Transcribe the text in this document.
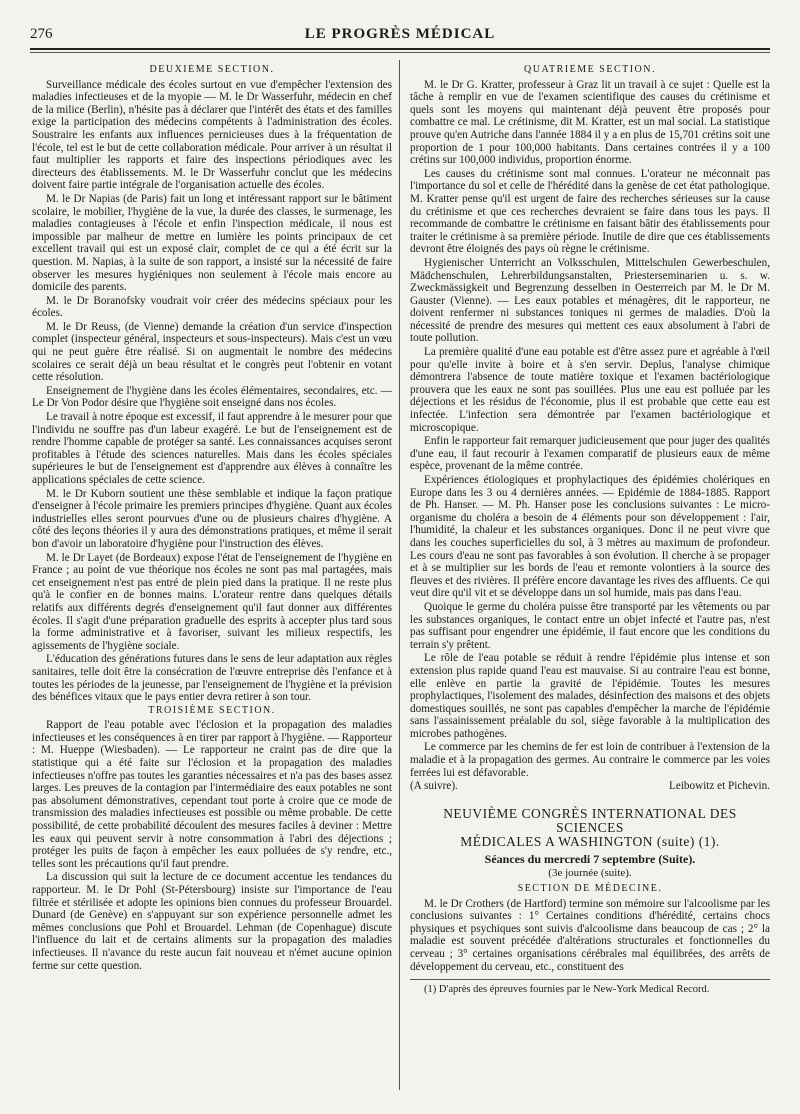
276	LE PROGRÈS MÉDICAL
DEUXIÈME SECTION.

Surveillance médicale des écoles surtout en vue d'empêcher l'extension des maladies infectieuses et de la myopie — M. le Dr Wasserfuhr, médecin en chef de la milice (Berlin), n'hésite pas à déclarer que l'intérêt des états et des familles exige la participation des médecins compétents à l'administration des écoles. Soustraire les enfants aux influences pernicieuses dues à la fréquentation de l'école, tel est le but de cette collaboration médicale. Pour arriver à un résultat il faut multiplier les rapports et faire des inspections périodiques avec les directeurs des établissements. M. le Dr Wasserfuhr conclut que les médecins doivent faire partie intégrale de l'organisation actuelle des écoles.

M. le Dr Napias (de Paris) fait un long et intéressant rapport sur le bâtiment scolaire, le mobilier, l'hygiène de la vue, la durée des classes, le surmenage, les maladies contagieuses à l'école et enfin l'inspection médicale, il nous est impossible par malheur de mettre en lumière les points principaux de cet excellent travail qui est un exposé clair, complet de ce qui a été écrit sur la question. M. Napias, à la suite de son rapport, a insisté sur la nécessité de faire observer les mesures hygiéniques non seulement à l'école mais encore au domicile des parents.

M. le Dr Boranofsky voudrait voir créer des médecins spéciaux pour les écoles.

M. le Dr Reuss, (de Vienne) demande la création d'un service d'inspection complet (inspecteur général, inspecteurs et sous-inspecteurs). Mais c'est un vœu qui ne peut guère être réalisé. Si on augmentait le nombre des médecins scolaires ce serait déjà un beau résultat et le congrès peut l'obtenir en votant cette résolution.

Enseignement de l'hygiène dans les écoles élémentaires, secondaires, etc. — Le Dr Von Podor désire que l'hygiène soit enseigné dans nos écoles.

Le travail à notre époque est excessif, il faut apprendre à le mesurer pour que l'individu ne souffre pas d'un labeur exagéré. Le but de l'enseignement est de rendre l'homme capable de protéger sa santé. Les connaissances acquises seront profitables à l'étude des sciences naturelles. Mais dans les écoles spéciales supérieures le but de l'enseignement est d'apprendre aux élèves à connaître les applications spéciales de cette science.

M. le Dr Kuborn soutient une thèse semblable et indique la façon pratique d'enseigner à l'école primaire les premiers principes d'hygiène. Quant aux écoles industrielles elles seront pourvues d'une ou de plusieurs chaires d'hygiène. A côté des leçons théories il y aura des démonstrations pratiques, et même il serait bon d'avoir un laboratoire d'hygiène pour l'instruction des élèves.

M. le Dr Layet (de Bordeaux) expose l'état de l'enseignement de l'hygiène en France ; au point de vue théorique nos écoles ne sont pas mal partagées, mais cet enseignement n'est pas entré de plein pied dans la pratique. Il ne reste plus qu'à le confier en de bonnes mains. L'orateur rentre dans quelques détails relatifs aux différents degrés d'enseignement qu'il faut donner aux différentes écoles. Il s'agit d'une préparation graduelle des esprits à accepter plus tard sous la forme administrative et à favoriser, suivant les milieux respectifs, les agissements de l'hygiène sociale.

L'éducation des générations futures dans le sens de leur adaptation aux règles sanitaires, telle doit être la consécration de l'œuvre entreprise dès l'enfance et à toutes les périodes de la jeunesse, par l'enseignement de l'hygiène et la prévision des bénéfices vitaux que le pays entier devra retirer à son tour.

TROISIÈME SECTION.

Rapport de l'eau potable avec l'éclosion et la propagation des maladies infectieuses et les conséquences à en tirer par rapport à l'hygiène. — Rapporteur : M. Hueppe (Wiesbaden). — Le rapporteur ne craint pas de dire que la statistique qui a été faite sur l'éclosion et la propagation des maladies infectieuses n'offre pas toutes les garanties nécessaires et n'a pas des bases assez larges. Les preuves de la contagion par l'intermédiaire des eaux potables ne sont pas absolument démonstratives, cependant tout porte à croire que ce mode de transmission des maladies infectieuses est possible ou même probable. De cette possibilité, de cette probabilité découlent des mesures faciles à deviner : Mettre les eaux qui peuvent servir à notre consommation à l'abri des déjections ; protéger les puits de façon à empêcher les eaux polluées de s'y rendre, etc., telles sont les précautions qu'il faut prendre.

La discussion qui suit la lecture de ce document accentue les tendances du rapporteur. M. le Dr Pohl (St-Pétersbourg) insiste sur l'importance de l'eau filtrée et stérilisée et adopte les opinions bien connues du professeur Brouardel. Dunard (de Genève) en s'appuyant sur son expérience personnelle admet les mêmes conclusions que Pohl et Brouardel. Lehman (de Copenhague) discute l'influence du lait et de certains aliments sur la propagation des maladies infectieuses. Il n'avance du reste aucun fait nouveau et n'émet aucune opinion ferme sur cette question.

QUATRIÈME SECTION.

M. le Dr G. Kratter, professeur à Graz lit un travail à ce sujet : Quelle est la tâche à remplir en vue de l'examen scientifique des causes du crétinisme et quels sont les moyens qui maintenant déjà peuvent être proposés pour combattre ce mal. Le crétinisme, dit M. Kratter, est un mal social. La statistique prouve qu'en Autriche dans l'année 1884 il y a en plus de 15,701 crétins soit une proportion de 1 pour 100,000 habitants. Dans certaines contrées il y a 100 crétins sur 100,000 individus, proportion énorme.

Les causes du crétinisme sont mal connues. L'orateur ne méconnait pas l'importance du sol et celle de l'hérédité dans la genèse de cet état pathologique. M. Kratter pense qu'il est urgent de faire des recherches sérieuses sur la cause du crétinisme et que ces recherches devraient se faire dans tous les pays. Il recommande de combattre le crétinisme en faisant bâtir des établissements pour traiter le crétinisme à sa première période. Inutile de dire que ces établissements devront être éloignés des pays où règne le crétinisme.

Hygienischer Unterricht an Volksschulen, Mittelschulen Gewerbeschulen, Mädchenschulen, Lehrerbildungsanstalten, Priesterseminarien u. s. w. Zweckmässigkeit und Begrenzung desselben in Oesterreich par M. le Dr M. Gauster (Vienne). — Les eaux potables et ménagères, dit le rapporteur, ne doivent renfermer ni substances toniques ni germes de maladies. D'où la nécessité de prendre des mesures qui mettent ces eaux absolument à l'abri de toute pollution.

La première qualité d'une eau potable est d'être assez pure et agréable à l'œil pour qu'elle invite à boire et à s'en servir. Deplus, l'analyse chimique démontrera l'absence de toute matière toxique et l'examen bactériologique prouvera que les eaux ne sont pas souillées. Plus une eau est polluée par les déjections et les résidus de l'économie, plus il est probable que cette eau est infectée. L'infection sera démontrée par l'examen bactériologique et microscopique.

Enfin le rapporteur fait remarquer judicieusement que pour juger des qualités d'une eau, il faut recourir à l'examen comparatif de plusieurs eaux de même espèce, provenant de la même contrée.

Expériences étiologiques et prophylactiques des épidémies cholériques en Europe dans les 3 ou 4 dernières années. — Epidémie de 1884-1885. Rapport de Ph. Hanser. — M. Ph. Hanser pose les conclusions suivantes : Le micro-organisme du choléra a besoin de 4 éléments pour son développement : l'air, l'humidité, la chaleur et les substances organiques. Donc il ne peut vivre que dans les couches superficielles du sol, à 3 mètres au maximum de profondeur. Les cours d'eau ne sont pas favorables à son évolution. Il cherche à se propager et à se multiplier sur les bords de l'eau et remonte volontiers à la source des fleuves et des rivières. Il préfère encore davantage les rives des affluents. Ce qui veut dire qu'il vit et se développe dans un sol humide, mais pas dans l'eau.

Quoique le germe du choléra puisse être transporté par les vêtements ou par les substances organiques, le contact entre un objet infecté et l'autre pas, n'est pas suffisant pour engendrer une épidémie, il faut encore que les conditions du terrain s'y prêtent.

Le rôle de l'eau potable se réduit à rendre l'épidémie plus intense et son extension plus rapide quand l'eau est mauvaise. Si au contraire l'eau est bonne, elle enlève en partie la gravité de l'épidémie. Toutes les mesures prophylactiques, l'isolement des malades, désinfection des maisons et des objets domestiques souillés, ne sont pas capables d'empêcher la marche de l'épidémie sans l'assainissement préalable du sol, siège favorable à la multiplication des microbes pathogènes.

Le commerce par les chemins de fer est loin de contribuer à l'extension de la maladie et à la propagation des germes. Au contraire le commerce par les voies ferrées lui est défavorable.

(A suivre).	Leibowitz et Pichevin.
NEUVIÈME CONGRÈS INTERNATIONAL DES SCIENCES
MÉDICALES A WASHINGTON (suite) (1).
Séances du mercredi 7 septembre (Suite).
(3e journée (suite).
SECTION DE MÉDECINE.

M. le Dr Crothers (de Hartford) termine son mémoire sur l'alcoolisme par les conclusions suivantes : 1° Certaines conditions d'hérédité, certains chocs physiques et psychiques sont suivis d'alcoolisme dans beaucoup de cas ; 2° la maladie est souvent précédée d'altérations structurales et fonctionnelles du cerveau ; 3° certaines organisations cérébrales mal équilibrées, des arrêts de développement du cerveau, etc., constituent des

(1) D'après des épreuves fournies par le New-York Medical Record.
